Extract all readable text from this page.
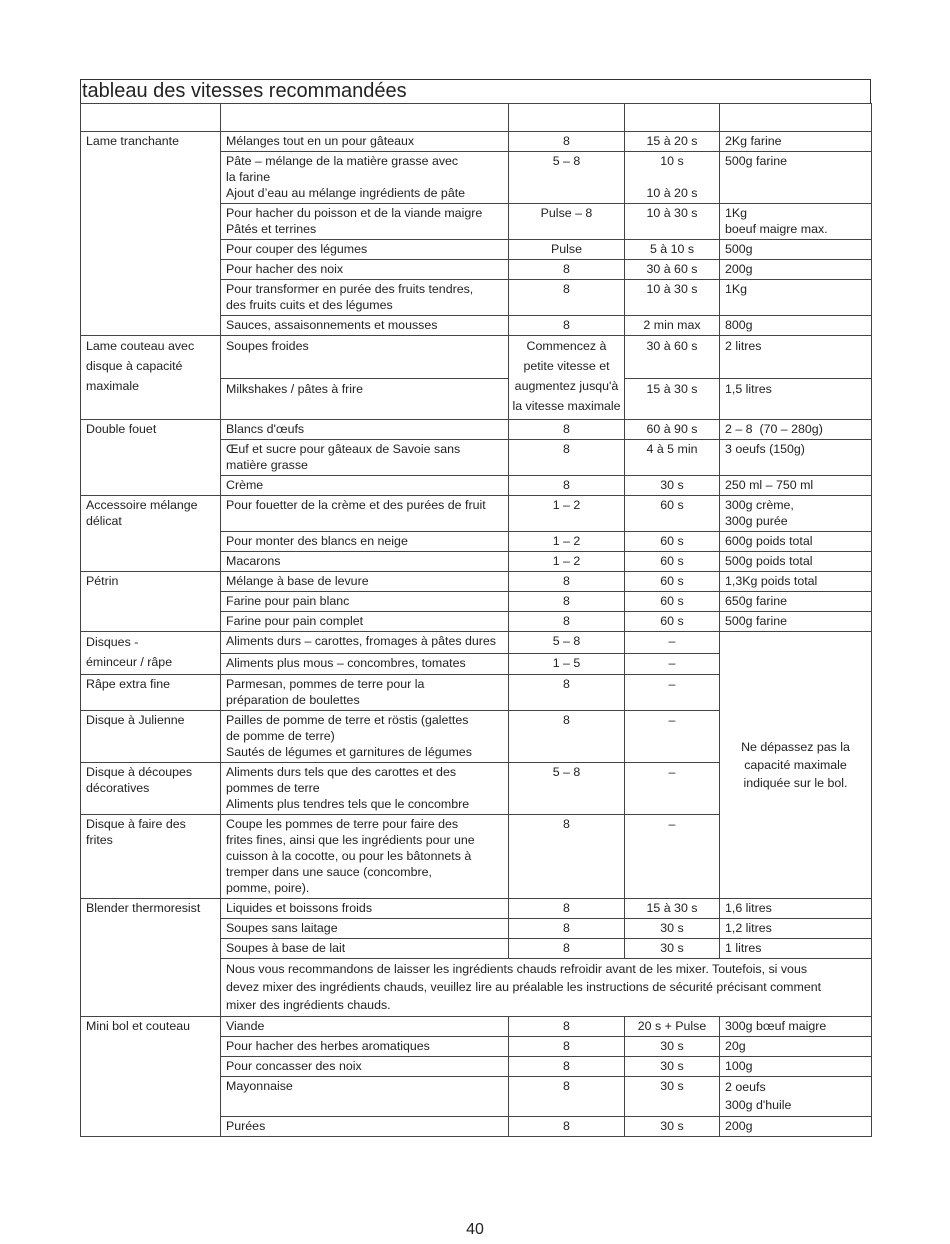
tableau des vitesses recommandées

Lame tranchante	Mélanges tout en un pour gâteaux	8	15 à 20 s	2Kg farine

	Pâte – mélange de la matière grasse avec
la farine
Ajout d’eau au mélange ingrédients de pâte	5 – 8	10 s
10 à 20 s	500g farine

	Pour hacher du poisson et de la viande maigre
Pâtés et terrines	Pulse – 8	10 à 30 s	1Kg
boeuf maigre max.

	Pour couper des légumes	Pulse	5 à 10 s	500g
	Pour hacher des noix	8	30 à 60 s	200g

	Pour transformer en purée des fruits tendres,
des fruits cuits et des légumes	8	10 à 30 s	1Kg
	Sauces, assaisonnements et mousses	8	2 min max	800g

Lame couteau avec
disque à capacité
maximale	Soupes froides	Commencez à
petite vitesse et
augmentez jusqu'à
la vitesse maximale	30 à 60 s	2 litres
	Milkshakes / pâtes à frire		15 à 30 s	1,5 litres
Double fouet	Blancs d'œufs	8	60 à 90 s	2 – 8  (70 – 280g)

	Œuf et sucre pour gâteaux de Savoie sans
matière grasse	8	4 à 5 min	3 oeufs (150g)
	Crème	8	30 s	250 ml – 750 ml

Accessoire mélange
délicat	Pour fouetter de la crème et des purées de fruit	1 – 2	60 s	300g crème,
300g purée

	Pour monter des blancs en neige	1 – 2	60 s	600g poids total
	Macarons	1 – 2	60 s	500g poids total
Pétrin	Mélange à base de levure	8	60 s	1,3Kg poids total
	Farine pour pain blanc	8	60 s	650g farine
	Farine pour pain complet	8	60 s	500g farine

Disques -
éminceur / râpe	Aliments durs – carottes, fromages à pâtes dures	5 – 8	–	Ne dépassez pas la
capacité maximale
indiquée sur le bol.

	Aliments plus mous – concombres, tomates	1 – 5	–	
Râpe extra fine	Parmesan, pommes de terre pour la
préparation de boulettes	8	–	
Disque à Julienne	Pailles de pomme de terre et röstis (galettes
de pomme de terre)
Sautés de légumes et garnitures de légumes	8	–	

Disque à découpes
décoratives	Aliments durs tels que des carottes et des
pommes de terre
Aliments plus tendres tels que le concombre	5 – 8	–	

Disque à faire des
frites	Coupe les pommes de terre pour faire des
frites fines, ainsi que les ingrédients pour une
cuisson à la cocotte, ou pour les bâtonnets à
tremper dans une sauce (concombre,
pomme, poire).	8	–	
Blender thermoresist	Liquides et boissons froids	8	15 à 30 s	1,6 litres
	Soupes sans laitage	8	30 s	1,2 litres
	Soupes à base de lait	8	30 s	1 litres

	Nous vous recommandons de laisser les ingrédients chauds refroidir avant de les mixer. Toutefois, si vous
devez mixer des ingrédients chauds, veuillez lire au préalable les instructions de sécurité précisant comment
mixer des ingrédients chauds.			

Mini bol et couteau	Viande	8	20 s + Pulse	300g bœuf maigre
	Pour hacher des herbes aromatiques	8	30 s	20g
	Pour concasser des noix	8	30 s	100g
	Mayonnaise	8	30 s	2 oeufs
300g d'huile

	Purées	8	30 s	200g
40
